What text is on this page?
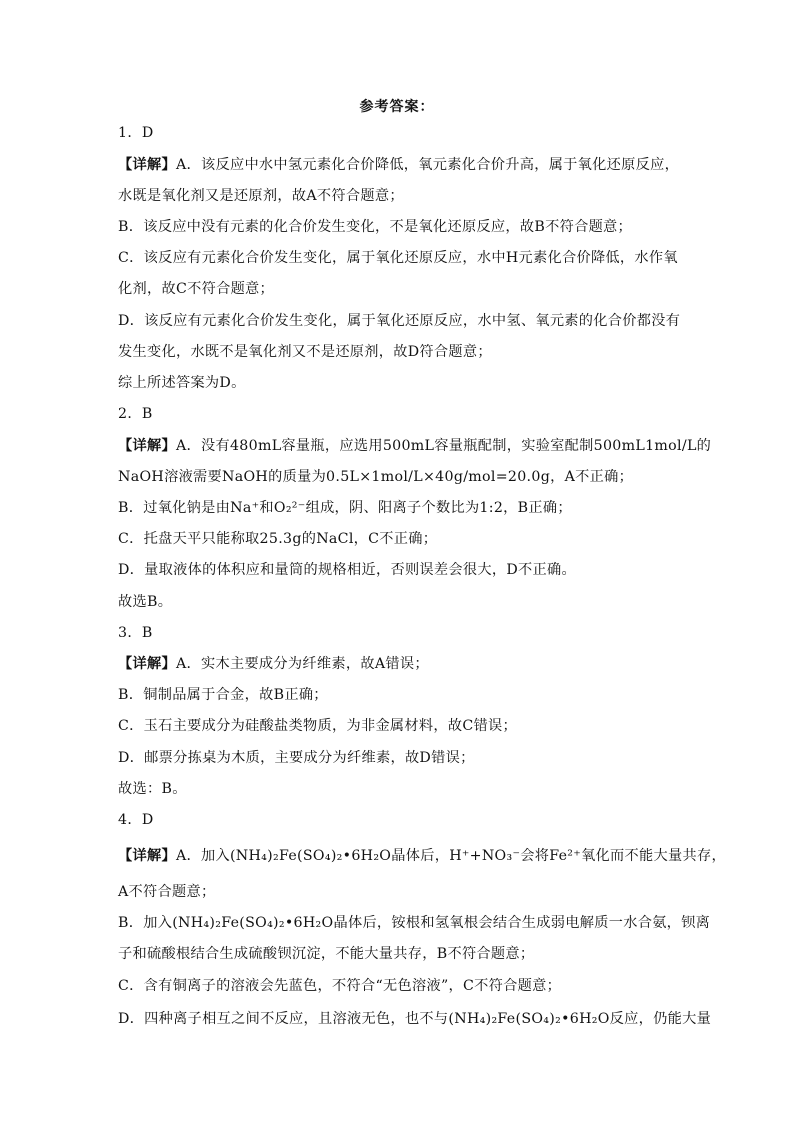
参考答案：
1．D
【详解】A．该反应中水中氢元素化合价降低，氧元素化合价升高，属于氧化还原反应，
水既是氧化剂又是还原剂，故A不符合题意；
B．该反应中没有元素的化合价发生变化，不是氧化还原反应，故B不符合题意；
C．该反应有元素化合价发生变化，属于氧化还原反应，水中H元素化合价降低，水作氧
化剂，故C不符合题意；
D．该反应有元素化合价发生变化，属于氧化还原反应，水中氢、氧元素的化合价都没有
发生变化，水既不是氧化剂又不是还原剂，故D符合题意；
综上所述答案为D。
2．B
【详解】A．没有480mL容量瓶，应选用500mL容量瓶配制，实验室配制500mL1mol/L的
NaOH溶液需要NaOH的质量为0.5L×1mol/L×40g/mol=20.0g，A不正确；
B．过氧化钠是由Na⁺和O₂²⁻组成，阴、阳离子个数比为1:2，B正确；
C．托盘天平只能称取25.3g的NaCl，C不正确；
D．量取液体的体积应和量筒的规格相近，否则误差会很大，D不正确。
故选B。
3．B
【详解】A．实木主要成分为纤维素，故A错误；
B．铜制品属于合金，故B正确；
C．玉石主要成分为硅酸盐类物质，为非金属材料，故C错误；
D．邮票分拣桌为木质，主要成分为纤维素，故D错误；
故选：B。
4．D
【详解】A．加入(NH₄)₂Fe(SO₄)₂•6H₂O晶体后，H⁺+NO₃⁻会将Fe²⁺氧化而不能大量共存，
A不符合题意；
B．加入(NH₄)₂Fe(SO₄)₂•6H₂O晶体后，铵根和氢氧根会结合生成弱电解质一水合氨，钡离
子和硫酸根结合生成硫酸钡沉淀，不能大量共存，B不符合题意；
C．含有铜离子的溶液会先蓝色，不符合“无色溶液”，C不符合题意；
D．四种离子相互之间不反应，且溶液无色，也不与(NH₄)₂Fe(SO₄)₂•6H₂O反应，仍能大量
